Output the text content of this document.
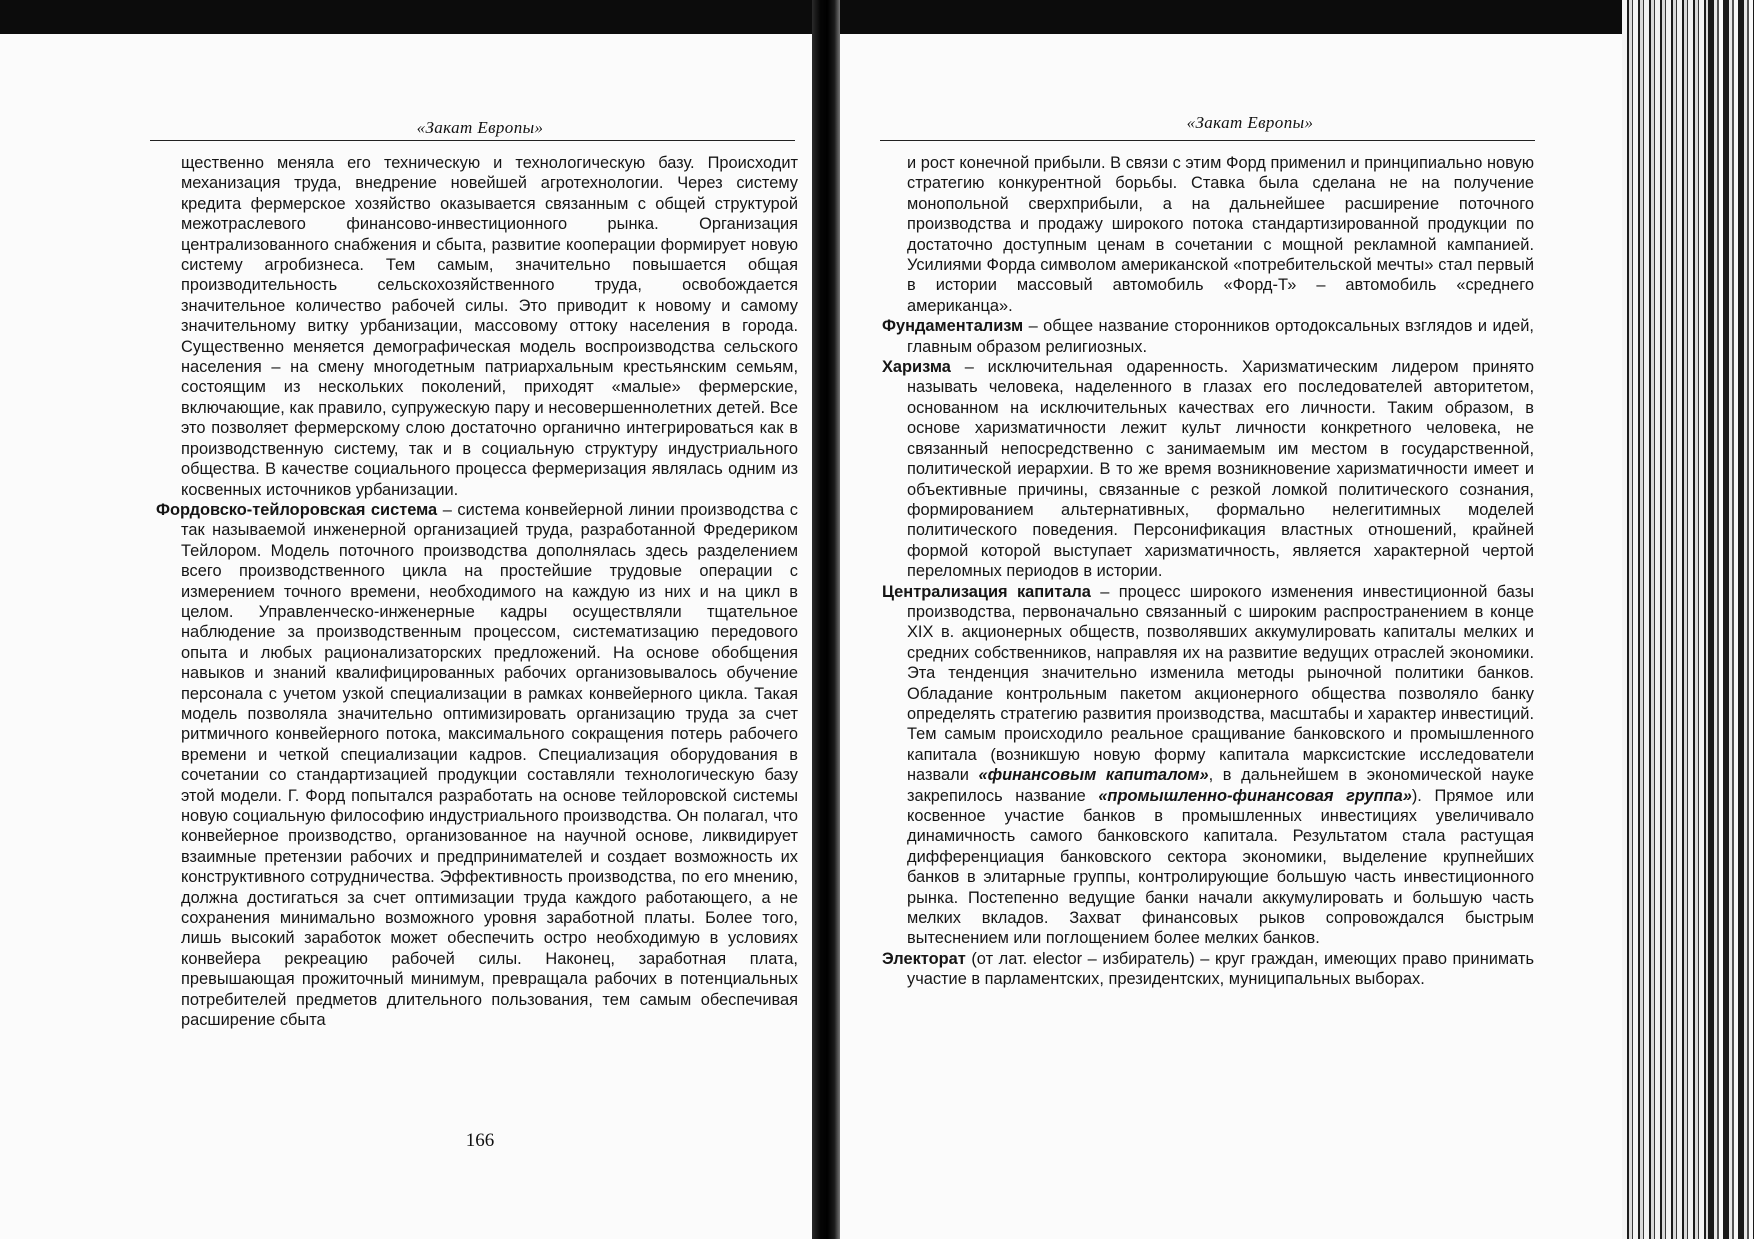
«Закат Европы»

щественно меняла его техническую и технологическую базу. Происходит механизация труда, внедрение новейшей агротехнологии. Через систему кредита фермерское хозяйство оказывается связанным с общей структурой межотраслевого финансово-инвестиционного рынка. Организация централизованного снабжения и сбыта, развитие кооперации формирует новую систему агробизнеса. Тем самым, значительно повышается общая производительность сельскохозяйственного труда, освобождается значительное количество рабочей силы. Это приводит к новому и самому значительному витку урбанизации, массовому оттоку населения в города. Существенно меняется демографическая модель воспроизводства сельского населения – на смену многодетным патриархальным крестьянским семьям, состоящим из нескольких поколений, приходят «малые» фермерские, включающие, как правило, супружескую пару и несовершеннолетних детей. Все это позволяет фермерскому слою достаточно органично интегрироваться как в производственную систему, так и в социальную структуру индустриального общества. В качестве социального процесса фермеризация являлась одним из косвенных источников урбанизации.

Фордовско-тейлоровская система – система конвейерной линии производства с так называемой инженерной организацией труда, разработанной Фредериком Тейлором. Модель поточного производства дополнялась здесь разделением всего производственного цикла на простейшие трудовые операции с измерением точного времени, необходимого на каждую из них и на цикл в целом. Управленческо-инженерные кадры осуществляли тщательное наблюдение за производственным процессом, систематизацию передового опыта и любых рационализаторских предложений. На основе обобщения навыков и знаний квалифицированных рабочих организовывалось обучение персонала с учетом узкой специализации в рамках конвейерного цикла. Такая модель позволяла значительно оптимизировать организацию труда за счет ритмичного конвейерного потока, максимального сокращения потерь рабочего времени и четкой специализации кадров. Специализация оборудования в сочетании со стандартизацией продукции составляли технологическую базу этой модели. Г. Форд попытался разработать на основе тейлоровской системы новую социальную философию индустриального производства. Он полагал, что конвейерное производство, организованное на научной основе, ликвидирует взаимные претензии рабочих и предпринимателей и создает возможность их конструктивного сотрудничества. Эффективность производства, по его мнению, должна достигаться за счет оптимизации труда каждого работающего, а не сохранения минимально возможного уровня заработной платы. Более того, лишь высокий заработок может обеспечить остро необходимую в условиях конвейера рекреацию рабочей силы. Наконец, заработная плата, превышающая прожиточный минимум, превращала рабочих в потенциальных потребителей предметов длительного пользования, тем самым обеспечивая расширение сбыта

166
«Закат Европы»

и рост конечной прибыли. В связи с этим Форд применил и принципиально новую стратегию конкурентной борьбы. Ставка была сделана не на получение монопольной сверхприбыли, а на дальнейшее расширение поточного производства и продажу широкого потока стандартизированной продукции по достаточно доступным ценам в сочетании с мощной рекламной кампанией. Усилиями Форда символом американской «потребительской мечты» стал первый в истории массовый автомобиль «Форд-Т» – автомобиль «среднего американца».

Фундаментализм – общее название сторонников ортодоксальных взглядов и идей, главным образом религиозных.

Харизма – исключительная одаренность. Харизматическим лидером принято называть человека, наделенного в глазах его последователей авторитетом, основанном на исключительных качествах его личности. Таким образом, в основе харизматичности лежит культ личности конкретного человека, не связанный непосредственно с занимаемым им местом в государственной, политической иерархии. В то же время возникновение харизматичности имеет и объективные причины, связанные с резкой ломкой политического сознания, формированием альтернативных, формально нелегитимных моделей политического поведения. Персонификация властных отношений, крайней формой которой выступает харизматичность, является характерной чертой переломных периодов в истории.

Централизация капитала – процесс широкого изменения инвестиционной базы производства, первоначально связанный с широким распространением в конце XIX в. акционерных обществ, позволявших аккумулировать капиталы мелких и средних собственников, направляя их на развитие ведущих отраслей экономики. Эта тенденция значительно изменила методы рыночной политики банков. Обладание контрольным пакетом акционерного общества позволяло банку определять стратегию развития производства, масштабы и характер инвестиций. Тем самым происходило реальное сращивание банковского и промышленного капитала (возникшую новую форму капитала марксистские исследователи назвали «финансовым капиталом», в дальнейшем в экономической науке закрепилось название «промышленно-финансовая группа»). Прямое или косвенное участие банков в промышленных инвестициях увеличивало динамичность самого банковского капитала. Результатом стала растущая дифференциация банковского сектора экономики, выделение крупнейших банков в элитарные группы, контролирующие большую часть инвестиционного рынка. Постепенно ведущие банки начали аккумулировать и большую часть мелких вкладов. Захват финансовых рыков сопровождался быстрым вытеснением или поглощением более мелких банков.

Электорат (от лат. elector – избиратель) – круг граждан, имеющих право принимать участие в парламентских, президентских, муниципальных выборах.
